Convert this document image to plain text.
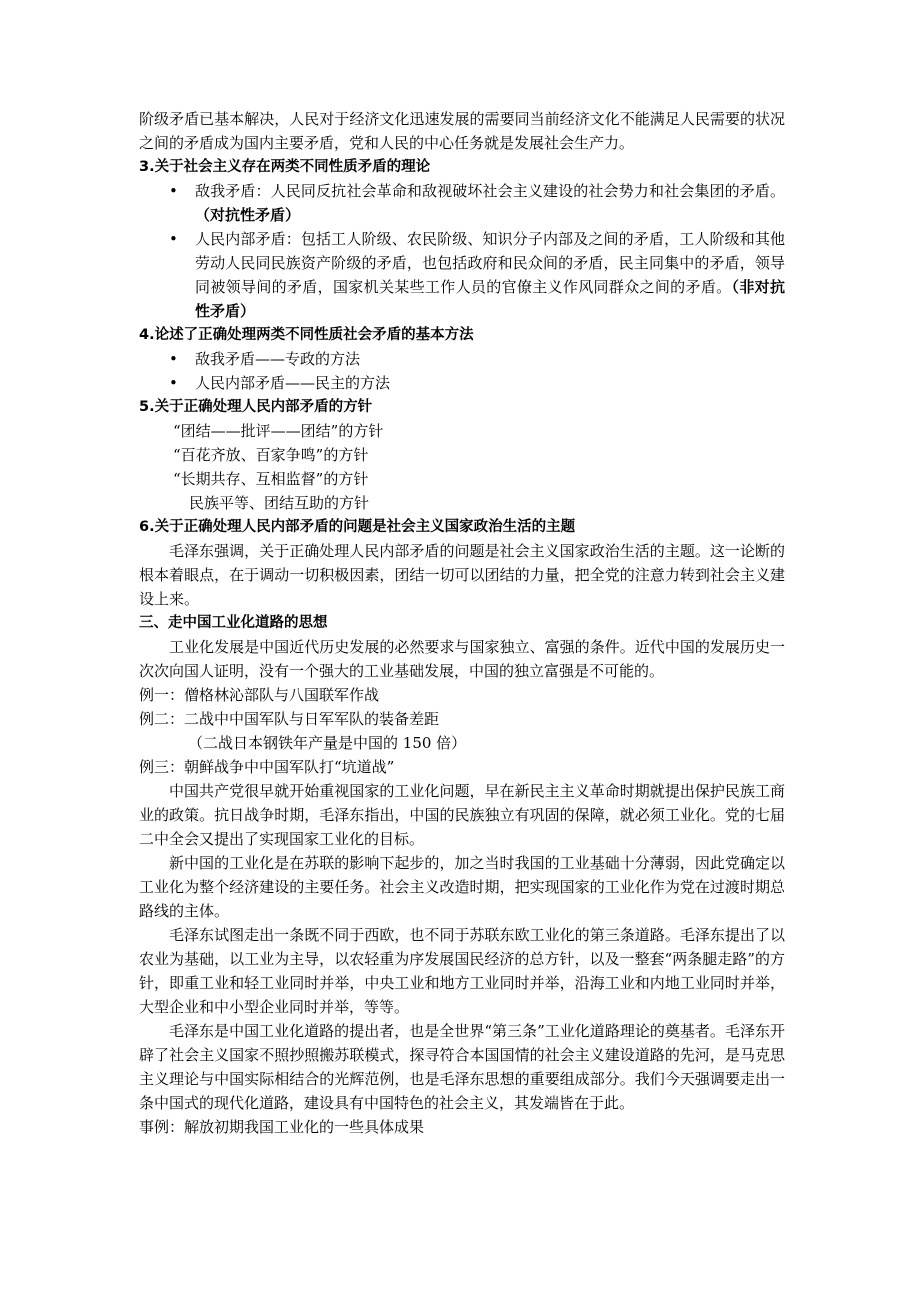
阶级矛盾已基本解决，人民对于经济文化迅速发展的需要同当前经济文化不能满足人民需要的状况之间的矛盾成为国内主要矛盾，党和人民的中心任务就是发展社会生产力。

3.关于社会主义存在两类不同性质矛盾的理论

• 敌我矛盾：人民同反抗社会革命和敌视破坏社会主义建设的社会势力和社会集团的矛盾。（对抗性矛盾）

• 人民内部矛盾：包括工人阶级、农民阶级、知识分子内部及之间的矛盾，工人阶级和其他劳动人民同民族资产阶级的矛盾，也包括政府和民众间的矛盾，民主同集中的矛盾，领导同被领导间的矛盾，国家机关某些工作人员的官僚主义作风同群众之间的矛盾。（非对抗性矛盾）

4.论述了正确处理两类不同性质社会矛盾的基本方法

• 敌我矛盾——专政的方法

• 人民内部矛盾——民主的方法

5.关于正确处理人民内部矛盾的方针

“团结——批评——团结”的方针

“百花齐放、百家争鸣”的方针

“长期共存、互相监督”的方针

民族平等、团结互助的方针

6.关于正确处理人民内部矛盾的问题是社会主义国家政治生活的主题

毛泽东强调，关于正确处理人民内部矛盾的问题是社会主义国家政治生活的主题。这一论断的根本着眼点，在于调动一切积极因素，团结一切可以团结的力量，把全党的注意力转到社会主义建设上来。

三、走中国工业化道路的思想

工业化发展是中国近代历史发展的必然要求与国家独立、富强的条件。近代中国的发展历史一次次向国人证明，没有一个强大的工业基础发展，中国的独立富强是不可能的。

例一：僧格林沁部队与八国联军作战

例二：二战中中国军队与日军军队的装备差距

（二战日本钢铁年产量是中国的 150 倍）

例三：朝鲜战争中中国军队打“坑道战”

中国共产党很早就开始重视国家的工业化问题，早在新民主主义革命时期就提出保护民族工商业的政策。抗日战争时期，毛泽东指出，中国的民族独立有巩固的保障，就必须工业化。党的七届二中全会又提出了实现国家工业化的目标。

新中国的工业化是在苏联的影响下起步的，加之当时我国的工业基础十分薄弱，因此党确定以工业化为整个经济建设的主要任务。社会主义改造时期，把实现国家的工业化作为党在过渡时期总路线的主体。

毛泽东试图走出一条既不同于西欧，也不同于苏联东欧工业化的第三条道路。毛泽东提出了以农业为基础，以工业为主导，以农轻重为序发展国民经济的总方针，以及一整套“两条腿走路”的方针，即重工业和轻工业同时并举，中央工业和地方工业同时并举，沿海工业和内地工业同时并举，大型企业和中小型企业同时并举，等等。

毛泽东是中国工业化道路的提出者，也是全世界“第三条”工业化道路理论的奠基者。毛泽东开辟了社会主义国家不照抄照搬苏联模式，探寻符合本国国情的社会主义建设道路的先河，是马克思主义理论与中国实际相结合的光辉范例，也是毛泽东思想的重要组成部分。我们今天强调要走出一条中国式的现代化道路，建设具有中国特色的社会主义，其发端皆在于此。

事例：解放初期我国工业化的一些具体成果
